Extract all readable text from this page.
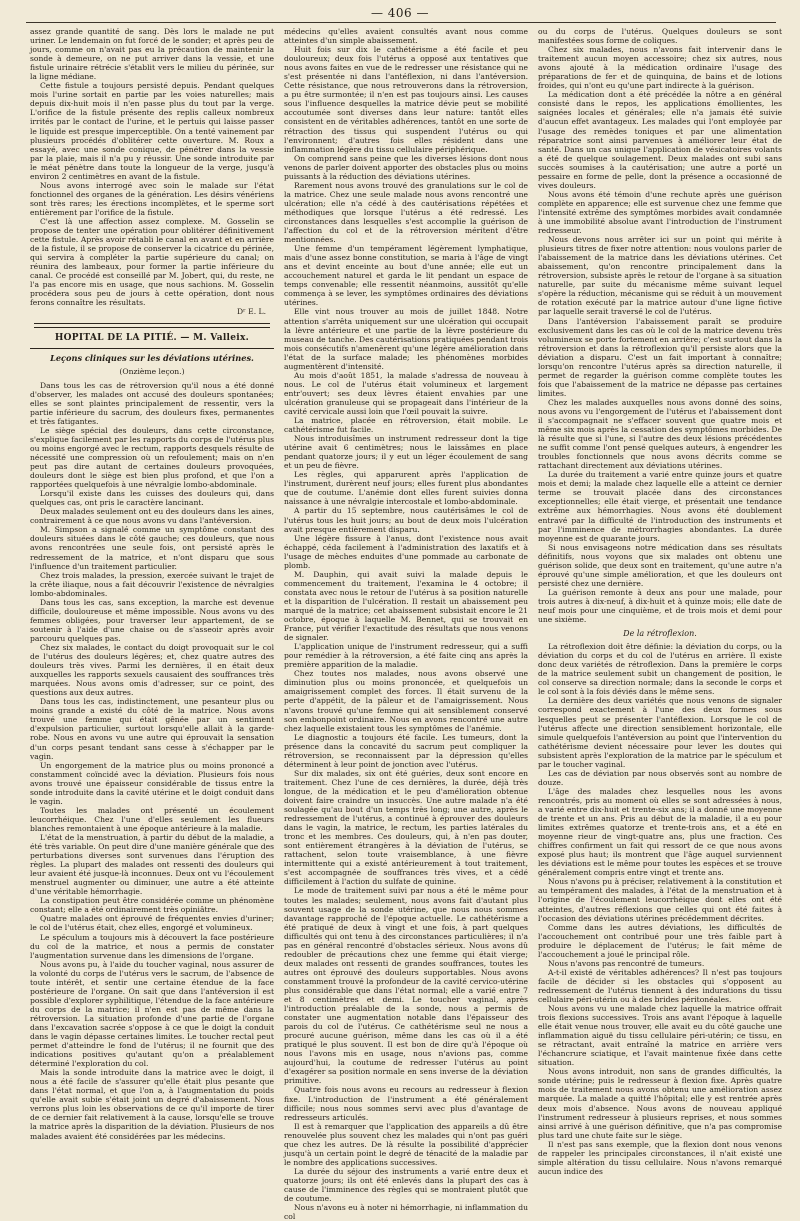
— 406 —

assez grande quantité de sang. Dès lors le malade ne put uriner. Le lendemain on fut forcé de le sonder; et après peu de jours, comme on n'avait pas eu la précaution de maintenir la sonde à demeure, on ne put arriver dans la vessie, et une fistule urinaire rétrécie s'établit vers le milieu du périnée, sur la ligne médiane.

Cette fistule a toujours persisté depuis. Pendant quelques mois l'urine sortait en partie par les voies naturelles; mais depuis dix-huit mois il n'en passe plus du tout par la verge. L'orifice de la fistule présente des replis calleux nombreux irrités par le contact de l'urine, et le pertuis qui laisse passer le liquide est presque imperceptible. On a tenté vainement par plusieurs procédés d'oblitérer cette ouverture. M. Roux a essayé, avec une sonde conique, de pénétrer dans la vessie par la plaie, mais il n'a pu y réussir. Une sonde introduite par le méat pénètre dans toute la longueur de la verge, jusqu'à environ 2 centimètres en avant de la fistule.

Nous avons interrogé avec soin le malade sur l'état fonctionnel des organes de la génération. Les désirs vénériens sont très rares; les érections incomplètes, et le sperme sort entièrement par l'orifice de la fistule.

C'est là une affection assez complexe. M. Gosselin se propose de tenter une opération pour oblitérer définitivement cette fistule. Après avoir rétabli le canal en avant et en arrière de la fistule, il se propose de conserver la cicatrice du périnée, qui servira à compléter la partie supérieure du canal; on réunira des lambeaux, pour former la partie inférieure du canal. Ce procédé est conseillé par M. Jobert, qui, du reste, ne l'a pas encore mis en usage, que nous sachions. M. Gosselin procédera sous peu de jours à cette opération, dont nous ferons connaître les résultats.

Dʳ E. L.

HOPITAL DE LA PITIÉ. — M. Valleix.
Leçons cliniques sur les déviations utérines.
(Onzième leçon.)

Dans tous les cas de rétroversion qu'il nous a été donné d'observer, les malades ont accusé des douleurs spontanées; elles se sont plaintes principalement de ressentir, vers la partie inférieure du sacrum, des douleurs fixes, permanentes et très fatigantes.

Le siège spécial des douleurs, dans cette circonstance, s'explique facilement par les rapports du corps de l'utérus plus ou moins engorgé avec le rectum, rapports desquels résulte de nécessité une compression où un refoulement; mais on n'en peut pas dire autant de certaines douleurs provoquées, douleurs dont le siège est bien plus profond, et que l'on a rapportées quelquefois à une névralgie lombo-abdominale.

Lorsqu'il existe dans les cuisses des douleurs qui, dans quelques cas, ont pris le caractère lancinant.

Deux malades seulement ont eu des douleurs dans les aines, contrairement à ce que nous avons vu dans l'antéversion.

M. Simpson a signalé comme un symptôme constant des douleurs situées dans le côté gauche; ces douleurs, que nous avons rencontrées une seule fois, ont persisté après le redressement de la matrice, et n'ont disparu que sous l'influence d'un traitement particulier.

Chez trois malades, la pression, exercée suivant le trajet de la crête iliaque, nous a fait découvrir l'existence de névralgies lombo-abdominales.

Dans tous les cas, sans exception, la marche est devenue difficile, douloureuse et même impossible. Nous avons vu des femmes obligées, pour traverser leur appartement, de se soutenir à l'aide d'une chaise ou de s'asseoir après avoir parcouru quelques pas.

Chez six malades, le contact du doigt provoquait sur le col de l'utérus des douleurs légères; et, chez quatre autres des douleurs très vives. Parmi les dernières, il en était deux auxquelles les rapports sexuels causaient des souffrances très marquées. Nous avons omis d'adresser, sur ce point, des questions aux deux autres.

Dans tous les cas, indistinctement, une pesanteur plus ou moins grande a existé du côté de la matrice. Nous avons trouvé une femme qui était gênée par un sentiment d'expulsion particulier, surtout lorsqu'elle allait à la garde-robe. Nous en avons vu une autre qui éprouvait la sensation d'un corps pesant tendant sans cesse à s'échapper par le vagin.

Un engorgement de la matrice plus ou moins prononcé a constamment coïncidé avec la déviation. Plusieurs fois nous avons trouvé une épaisseur considérable de tissus entre la sonde introduite dans la cavité utérine et le doigt conduit dans le vagin.

Toutes les malades ont présenté un écoulement leucorrhéique. Chez l'une d'elles seulement les flueurs blanches remontaient à une époque antérieure à la maladie.

L'état de la menstruation, à partir du début de la maladie, a été très variable. On peut dire d'une manière générale que des perturbations diverses sont survenues dans l'éruption des règles. La plupart des malades ont ressenti des douleurs qui leur avaient été jusque-là inconnues. Deux ont vu l'écoulement menstruel augmenter ou diminuer, une autre a été atteinte d'une véritable hémorrhagie.

La constipation peut être considérée comme un phénomène constant; elle a été ordinairement très opiniâtre.

Quatre malades ont éprouvé de fréquentes envies d'uriner; le col de l'utérus était, chez elles, engorgé et volumineux.

Le spéculum a toujours mis à découvert la face postérieure du col de la matrice, et nous a permis de constater l'augmentation survenue dans les dimensions de l'organe.

Nous avons pu, à l'aide du toucher vaginal, nous assurer de la volonté du corps de l'utérus vers le sacrum, de l'absence de toute intérêt, et sentir une certaine étendue de la face postérieure de l'organe. On sait que dans l'antéversion il est possible d'explorer syphilitique, l'étendue de la face antérieure du corps de la matrice; il n'en est pas de même dans la rétroversion. La situation profonde d'une partie de l'organe dans l'excavation sacrée s'oppose à ce que le doigt la conduit dans le vagin dépasse certaines limites. Le toucher rectal peut permet d'atteindre le fond de l'utérus; il ne fournit que des indications positives qu'autant qu'on a préalablement déterminé l'exploration du col.

Mais la sonde introduite dans la matrice avec le doigt, il nous a été facile de s'assurer qu'elle était plus pesante que dans l'état normal, et que l'on a, à l'augmentation du poids qu'elle avait subie s'était joint un degré d'abaissement. Nous verrons plus loin les observations de ce qu'il importe de tirer de ce dernier fait relativement à la cause, lorsqu'elle se trouve la matrice après la disparition de la déviation. Plusieurs de nos malades avaient été considérées par les médecins.

médecins qu'elles avaient consultés avant nous comme atteintes d'un simple abaissement.

Huit fois sur dix le cathétérisme a été facile et peu douloureux; deux fois l'utérus a opposé aux tentatives que nous avons faites en vue de le redresser une résistance qui ne s'est présentée ni dans l'antéflexion, ni dans l'antéversion. Cette résistance, que nous retrouverons dans la rétroversion, a pu être surmontée; il n'en est pas toujours ainsi. Les causes sous l'influence desquelles la matrice dévie peut se mobilité accoutumée sont diverses dans leur nature: tantôt elles consistent en de véritables adhérences, tantôt en une sorte de rétraction des tissus qui suspendent l'utérus ou qui l'environnent; d'autres fois elles résident dans une inflammation légère du tissu cellulaire périphérique.

On comprend sans peine que les diverses lésions dont nous venons de parler doivent apporter des obstacles plus ou moins puissants à la réduction des déviations utérines.

Rarement nous avons trouvé des granulations sur le col de la matrice. Chez une seule malade nous avons rencontré une ulcération; elle n'a cédé à des cautérisations répétées et méthodiques que lorsque l'utérus a été redressé. Les circonstances dans lesquelles s'est accomplie la guérison de l'affection du col et de la rétroversion méritent d'être mentionnées.

Une femme d'un tempérament légèrement lymphatique, mais d'une assez bonne constitution, se maria à l'âge de vingt ans et devint enceinte au bout d'une année; elle eut un accouchement naturel et garda le lit pendant un espace de temps convenable; elle ressentit néanmoins, aussitôt qu'elle commença à se lever, les symptômes ordinaires des déviations utérines.

Elle vint nous trouver au mois de juillet 1848. Notre attention s'arrêta uniquement sur une ulcération qui occupait la lèvre antérieure et une partie de la lèvre postérieure du museau de tanche. Des cautérisations pratiquées pendant trois mois consécutifs n'amenèrent qu'une légère amélioration dans l'état de la surface malade; les phénomènes morbides augmentèrent d'intensité.

Au mois d'août 1851, la malade s'adressa de nouveau à nous. Le col de l'utérus était volumineux et largement entr'ouvert; ses deux lèvres étaient envahies par une ulcération granuleuse qui se propageait dans l'intérieur de la cavité cervicale aussi loin que l'œil pouvait la suivre.

La matrice, placée en rétroversion, était mobile. Le cathétérisme fut facile.

Nous introduisîmes un instrument redresseur dont la tige utérine avait 6 centimètres; nous le laissâmes en place pendant quatorze jours; il y eut un léger écoulement de sang et un peu de fièvre.

Les règles, qui apparurent après l'application de l'instrument, durèrent neuf jours; elles furent plus abondantes que de coutume. L'anémie dont elles furent suivies donna naissance à une névralgie intercostale et lombo-abdominale.

A partir du 15 septembre, nous cautérisâmes le col de l'utérus tous les huit jours; au bout de deux mois l'ulcération avait presque entièrement disparu.

Une légère fissure à l'anus, dont l'existence nous avait échappé, céda facilement à l'administration des laxatifs et à l'usage de mèches enduites d'une pommade au carbonate de plomb.

M. Dauphin, qui avait suivi la malade depuis le commencement du traitement, l'examina le 4 octobre; il constata avec nous le retour de l'utérus à sa position naturelle et la disparition de l'ulcération. Il restait un abaissement peu marqué de la matrice; cet abaissement subsistait encore le 21 octobre, époque à laquelle M. Bennet, qui se trouvait en France, put vérifier l'exactitude des résultats que nous venons de signaler.

L'application unique de l'instrument redresseur, qui a suffi pour remédier à la rétroversion, a été faite cinq ans après la première apparition de la maladie.

Chez toutes nos malades, nous avons observé une diminution plus ou moins prononcée, et quelquefois un amaigrissement complet des forces. Il était survenu de la perte d'appétit, de la pâleur et de l'amaigrissement. Nous n'avons trouvé qu'une femme qui ait sensiblement conservé son embonpoint ordinaire. Nous en avons rencontré une autre chez laquelle existaient tous les symptômes de l'anémie.

Le diagnostic a toujours été facile. Les tumeurs, dont la présence dans la concavité du sacrum peut compliquer la rétroversion, se reconnaissent par la dépression qu'elles déterminent à leur point de jonction avec l'utérus.

Sur dix malades, six ont été guéries, deux sont encore en traitement. Chez l'une de ces dernières, la durée, déjà très longue, de la médication et le peu d'amélioration obtenue doivent faire craindre un insuccès. Une autre malade n'a été soulagée qu'au bout d'un temps très long; une autre, après le redressement de l'utérus, a continué à éprouver des douleurs dans le vagin, la matrice, le rectum, les parties latérales du tronc et les membres. Ces douleurs, qui, à n'en pas douter, sont entièrement étrangères à la déviation de l'utérus, se rattachent, selon toute vraisemblance, à une fièvre intermittente qui a existé antérieurement à tout traitement, s'est accompagnée de souffrances très vives, et a cédé difficilement à l'action du sulfate de quinine.

Le mode de traitement suivi par nous a été le même pour toutes les malades; seulement, nous avons fait d'autant plus souvent usage de la sonde utérine, que nous nous sommes davantage rapproché de l'époque actuelle. Le cathétérisme a été pratiqué de deux à vingt et une fois, à part quelques difficultés qui ont tenu à des circonstances particulières; il n'a pas en général rencontré d'obstacles sérieux. Nous avons dû redoubler de précautions chez une femme qui était vierge; deux malades ont ressenti de grandes souffrances, toutes les autres ont éprouvé des douleurs supportables. Nous avons constamment trouvé la profondeur de la cavité cervico-utérine plus considérable que dans l'état normal; elle a varié entre 7 et 8 centimètres et demi. Le toucher vaginal, après l'introduction préalable de la sonde, nous a permis de constater une augmentation notable dans l'épaisseur des parois du col de l'utérus. Ce cathétérisme seul ne nous a procuré aucune guérison, même dans les cas où il a été pratiqué le plus souvent. Il est bon de dire qu'à l'époque où nous l'avons mis en usage, nous n'avions pas, comme aujourd'hui, la coutume de redresser l'utérus au point d'exagérer sa position normale en sens inverse de la déviation primitive.

Quatre fois nous avons eu recours au redresseur à flexion fixe. L'introduction de l'instrument a été généralement difficile; nous nous sommes servi avec plus d'avantage de redresseurs articulés.

Il est à remarquer que l'application des appareils a dû être renouvelée plus souvent chez les malades qui n'ont pas guéri que chez les autres. De là résulte la possibilité d'apprécier jusqu'à un certain point le degré de ténacité de la maladie par le nombre des applications successives.

La durée du séjour des instruments a varié entre deux et quatorze jours; ils ont été enlevés dans la plupart des cas à cause de l'imminence des règles qui se montraient plutôt que de coutume.

Nous n'avons eu à noter ni hémorrhagie, ni inflammation du col

ou du corps de l'utérus. Quelques douleurs se sont manifestées sous forme de coliques.

Chez six malades, nous n'avons fait intervenir dans le traitement aucun moyen accessoire; chez six autres, nous avons ajouté à la médication ordinaire l'usage des préparations de fer et de quinquina, de bains et de lotions froides, qui n'ont eu qu'une part indirecte à la guérison.

La médication dont a été précédée la nôtre a en général consisté dans le repos, les applications émollientes, les saignées locales et générales; elle n'a jamais été suivie d'aucun effet avantageux. Les malades qui l'ont employée par l'usage des remèdes toniques et par une alimentation réparatrice sont ainsi parvenues à améliorer leur état de santé. Dans un cas unique l'application de vésicatoires volants a été de quelque soulagement. Deux malades ont subi sans succès soumises à la cautérisation; une autre a porté un pessaire en forme de pelle, dont la présence a occasionné de vives douleurs.

Nous avons été témoin d'une rechute après une guérison complète en apparence; elle est survenue chez une femme que l'intensité extrême des symptômes morbides avait condamnée à une immobilité absolue avant l'introduction de l'instrument redresseur.

Nous devons nous arrêter ici sur un point qui mérite à plusieurs titres de fixer notre attention: nous voulons parler de l'abaissement de la matrice dans les déviations utérines. Cet abaissement, qu'on rencontre principalement dans la rétroversion, subsiste après le retour de l'organe à sa situation naturelle, par suite du mécanisme même suivant lequel s'opère la réduction, mécanisme qui se réduit à un mouvement de rotation exécuté par la matrice autour d'une ligne fictive par laquelle serait traversé le col de l'utérus.

Dans l'antéversion l'abaissement paraît se produire exclusivement dans les cas où le col de la matrice devenu très volumineux se porte fortement en arrière; c'est surtout dans la rétroversion et dans la rétroflexion qu'il persiste alors que la déviation a disparu. C'est un fait important à connaître; lorsqu'on rencontre l'utérus après sa direction naturelle, il permet de regarder la guérison comme complète toutes les fois que l'abaissement de la matrice ne dépasse pas certaines limites.

Chez les malades auxquelles nous avons donné des soins, nous avons vu l'engorgement de l'utérus et l'abaissement dont il s'accompagnait ne s'effacer souvent que quatre mois et même six mois après la cessation des symptômes morbides. De là résulte que si l'une, si l'autre des deux lésions précédentes ne suffit comme l'ont pensé quelques auteurs, à engendrer les troubles fonctionnels que nous avons décrits comme se rattachant directement aux déviations utérines.

La durée du traitement a varié entre quinze jours et quatre mois et demi; la malade chez laquelle elle a atteint ce dernier terme se trouvait placée dans des circonstances exceptionnelles; elle était vierge, et présentait une tendance extrême aux hémorrhagies. Nous avons été doublement entravé par la difficulté de l'introduction des instruments et par l'imminence de métrorrhagies abondantes. La durée moyenne est de quarante jours.

Si nous envisageons notre médication dans ses résultats définitifs, nous voyons que six malades ont obtenu une guérison solide, que deux sont en traitement, qu'une autre n'a éprouvé qu'une simple amélioration, et que les douleurs ont persisté chez une dernière.

La guérison remonte à deux ans pour une malade, pour trois autres à dix-neuf, à dix-huit et à quinze mois; elle date de neuf mois pour une cinquième, et de trois mois et demi pour une sixième.

De la rétroflexion.

La rétroflexion doit être définie: la déviation du corps, ou la déviation du corps et du col de l'utérus en arrière. Il existe donc deux variétés de rétroflexion. Dans la première le corps de la matrice seulement subit un changement de position, le col conserve sa direction normale; dans la seconde le corps et le col sont à la fois déviés dans le même sens.

La dernière des deux variétés que nous venons de signaler correspond exactement à l'une des deux formes sous lesquelles peut se présenter l'antéflexion. Lorsque le col de l'utérus affecte une direction sensiblement horizontale, elle simule quelquefois l'antéversion au point que l'intervention du cathétérisme devient nécessaire pour lever les doutes qui subsistent après l'exploration de la matrice par le spéculum et par le toucher vaginal.

Les cas de déviation par nous observés sont au nombre de douze.

L'âge des malades chez lesquelles nous les avons rencontrés, pris au moment où elles se sont adressées à nous, a varié entre dix-huit et trente-six ans; il a donné une moyenne de trente et un ans. Pris au début de la maladie, il a eu pour limites extrêmes quatorze et trente-trois ans, et a été en moyenne rieur de vingt-quatre ans, plus une fraction. Ces chiffres confirment un fait qui ressort de ce que nous avons exposé plus haut; ils montrent que l'âge auquel surviennent les déviations est le même pour toutes les espèces et se trouve généralement compris entre vingt et trente ans.

Nous n'avons pu à préciser, relativement à la constitution et au tempérament des malades, à l'état de la menstruation et à l'origine de l'écoulement leucorrhéique dont elles ont été atteintes, d'autres réflexions que celles qui ont été faites à l'occasion des déviations utérines précédemment décrites.

Comme dans les autres déviations, les difficultés de l'accouchement ont contribué pour une très faible part à produire le déplacement de l'utérus; le fait même de l'accouchement a joué le principal rôle.

Nous n'avons pas rencontré de tumeurs.

A-t-il existé de véritables adhérences? Il n'est pas toujours facile de décider si les obstacles qui s'opposent au redressement de l'utérus tiennent à des indurations du tissu cellulaire péri-utérin ou à des brides péritonéales.

Nous avons vu une malade chez laquelle la matrice offrait trois flexions successives. Trois ans avant l'époque à laquelle elle était venue nous trouver, elle avait eu du côté gauche une inflammation aiguë du tissu cellulaire péri-utérin; ce tissu, en se rétractant, avait entraîné la matrice en arrière vers l'échancrure sciatique, et l'avait maintenue fixée dans cette situation.

Nous avons introduit, non sans de grandes difficultés, la sonde utérine; puis le redresseur à flexion fixe. Après quatre mois de traitement nous avons obtenu une amélioration assez marquée. La malade a quitté l'hôpital; elle y est rentrée après deux mois d'absence. Nous avons de nouveau appliqué l'instrument redresseur à plusieurs reprises, et nous sommes ainsi arrivé à une guérison définitive, que n'a pas compromise plus tard une chute faite sur le siège.

Il n'est pas sans exemple, que la flexion dont nous venons de rappeler les principales circonstances, il n'ait existé une simple altération du tissu cellulaire. Nous n'avons remarqué aucun indice des
